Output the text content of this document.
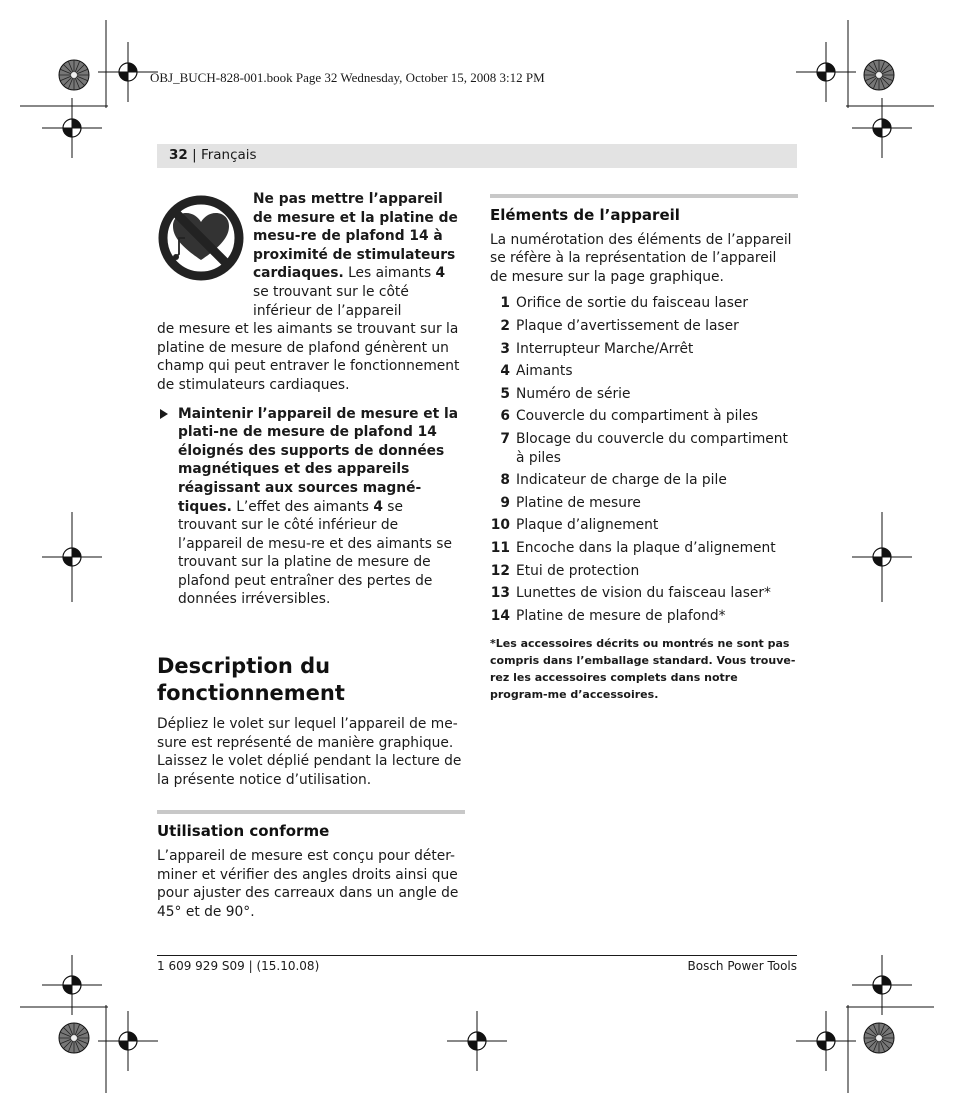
OBJ_BUCH-828-001.book Page 32 Wednesday, October 15, 2008 3:12 PM
32 | Français
Ne pas mettre l’appareil de mesure et la platine de mesu-re de plafond 14 à proximité de stimulateurs cardiaques. Les aimants 4 se trouvant sur le côté inférieur de l’appareil
de mesure et les aimants se trouvant sur la platine de mesure de plafond génèrent un champ qui peut entraver le fonctionnement de stimulateurs cardiaques.
Maintenir l’appareil de mesure et la plati-ne de mesure de plafond 14 éloignés des supports de données magnétiques et des appareils réagissant aux sources magné-tiques. L’effet des aimants 4 se trouvant sur le côté inférieur de l’appareil de mesu-re et des aimants se trouvant sur la platine de mesure de plafond peut entraîner des pertes de données irréversibles.
Description du
fonctionnement
Dépliez le volet sur lequel l’appareil de me-sure est représenté de manière graphique. Laissez le volet déplié pendant la lecture de la présente notice d’utilisation.
Utilisation conforme
L’appareil de mesure est conçu pour déter-miner et vérifier des angles droits ainsi que pour ajuster des carreaux dans un angle de 45° et de 90°.
Eléments de l’appareil
La numérotation des éléments de l’appareil se réfère à la représentation de l’appareil de mesure sur la page graphique.
1 Orifice de sortie du faisceau laser
2 Plaque d’avertissement de laser
3 Interrupteur Marche/Arrêt
4 Aimants
5 Numéro de série
6 Couvercle du compartiment à piles
7 Blocage du couvercle du compartiment à piles
8 Indicateur de charge de la pile
9 Platine de mesure
10 Plaque d’alignement
11 Encoche dans la plaque d’alignement
12 Etui de protection
13 Lunettes de vision du faisceau laser*
14 Platine de mesure de plafond*
*Les accessoires décrits ou montrés ne sont pas compris dans l’emballage standard. Vous trouve-rez les accessoires complets dans notre program-me d’accessoires.
1 609 929 S09 | (15.10.08)	Bosch Power Tools
